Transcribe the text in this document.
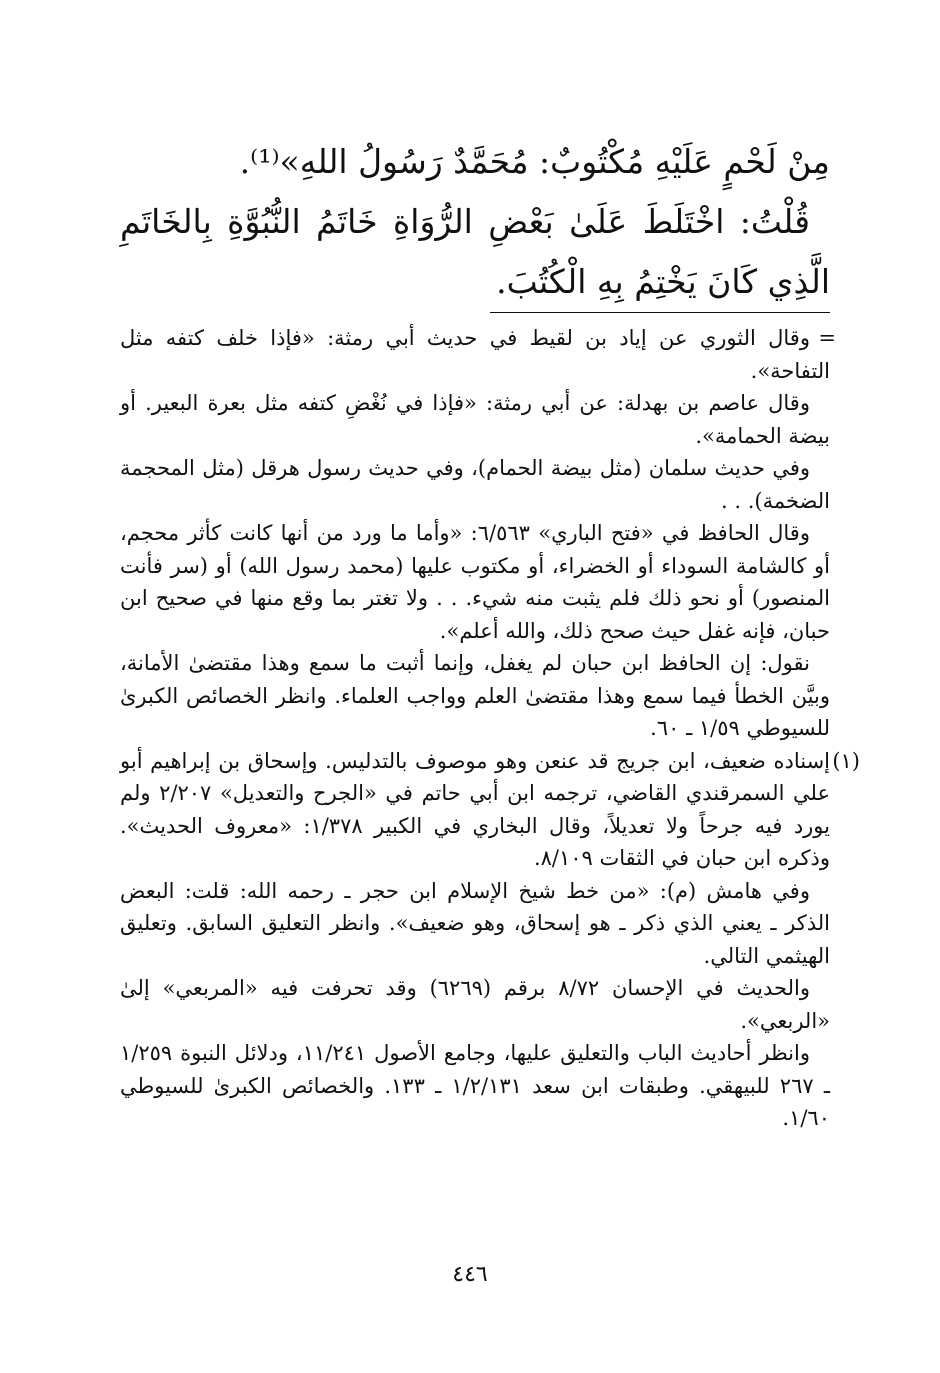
مِنْ لَحْمٍ عَلَيْهِ مُكْتُوبٌ: مُحَمَّدٌ رَسُولُ اللهِ»⁽¹⁾.

قُلْتُ: اخْتَلَطَ عَلَىٰ بَعْضِ الرُّوَاةِ خَاتَمُ النُّبُوَّةِ بِالخَاتَمِ الَّذِي كَانَ يَخْتِمُ بِهِ الْكُتُبَ.

=
وقال الثوري عن إياد بن لقيط في حديث أبي رمثة: «فإذا خلف كتفه مثل التفاحة».

وقال عاصم بن بهدلة: عن أبي رمثة: «فإذا في نُغْضِ كتفه مثل بعرة البعير. أو بيضة الحمامة».

وفي حديث سلمان (مثل بيضة الحمام)، وفي حديث رسول هرقل (مثل المحجمة الضخمة). . .

وقال الحافظ في «فتح الباري» ٦/٥٦٣: «وأما ما ورد من أنها كانت كأثر محجم، أو كالشامة السوداء أو الخضراء، أو مكتوب عليها (محمد رسول الله) أو (سر فأنت المنصور) أو نحو ذلك فلم يثبت منه شيء. . . ولا تغتر بما وقع منها في صحيح ابن حبان، فإنه غفل حيث صحح ذلك، والله أعلم».

نقول: إن الحافظ ابن حبان لم يغفل، وإنما أثبت ما سمع وهذا مقتضىٰ الأمانة، وبيَّن الخطأ فيما سمع وهذا مقتضىٰ العلم وواجب العلماء. وانظر الخصائص الكبرىٰ للسيوطي ١/٥٩ ـ ٦٠.

(١)
إسناده ضعيف، ابن جريج قد عنعن وهو موصوف بالتدليس. وإسحاق بن إبراهيم أبو علي السمرقندي القاضي، ترجمه ابن أبي حاتم في «الجرح والتعديل» ٢/٢٠٧ ولم يورد فيه جرحاً ولا تعديلاً، وقال البخاري في الكبير ١/٣٧٨: «معروف الحديث». وذكره ابن حبان في الثقات ٨/١٠٩.

وفي هامش (م): «من خط شيخ الإسلام ابن حجر ـ رحمه الله: قلت: البعض الذكر ـ يعني الذي ذكر ـ هو إسحاق، وهو ضعيف». وانظر التعليق السابق. وتعليق الهيثمي التالي.

والحديث في الإحسان ٨/٧٢ برقم (٦٢٦٩) وقد تحرفت فيه «المربعي» إلىٰ «الربعي».

وانظر أحاديث الباب والتعليق عليها، وجامع الأصول ١١/٢٤١، ودلائل النبوة ١/٢٥٩ ـ ٢٦٧ للبيهقي. وطبقات ابن سعد ١/٢/١٣١ ـ ١٣٣. والخصائص الكبرىٰ للسيوطي ١/٦٠.

٤٤٦
